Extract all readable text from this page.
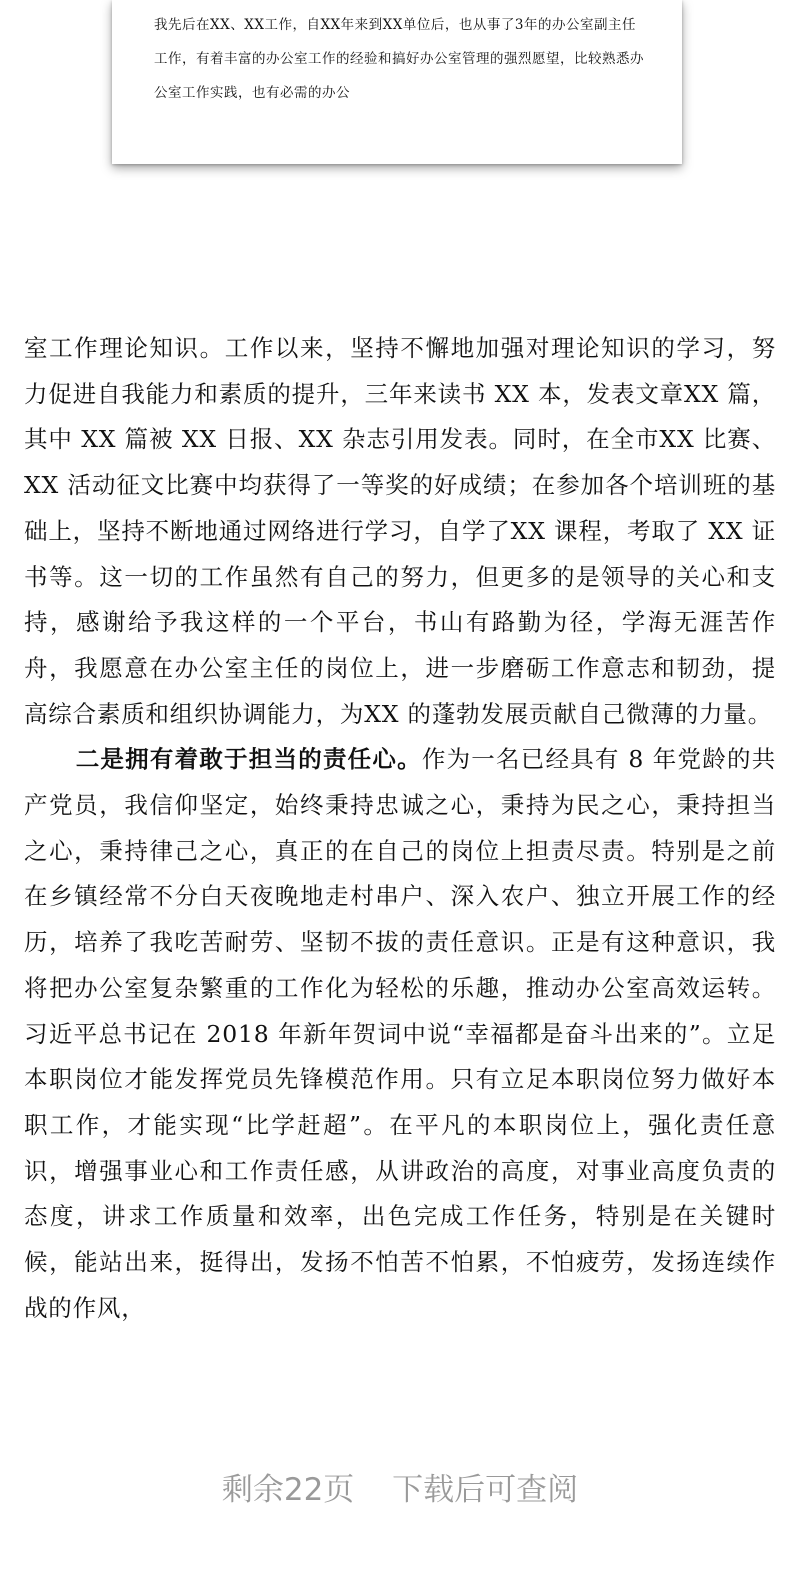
我先后在XX、XX工作，自XX年来到XX单位后，也从事了3年的办公室副主任工作，有着丰富的办公室工作的经验和搞好办公室管理的强烈愿望，比较熟悉办公室工作实践，也有必需的办公

室工作理论知识。工作以来，坚持不懈地加强对理论知识的学习，努力促进自我能力和素质的提升，三年来读书 XX 本，发表文章XX 篇，其中 XX 篇被 XX 日报、XX 杂志引用发表。同时，在全市XX 比赛、XX 活动征文比赛中均获得了一等奖的好成绩；在参加各个培训班的基础上，坚持不断地通过网络进行学习，自学了XX 课程，考取了 XX 证书等。这一切的工作虽然有自己的努力，但更多的是领导的关心和支持，感谢给予我这样的一个平台，书山有路勤为径，学海无涯苦作舟，我愿意在办公室主任的岗位上，进一步磨砺工作意志和韧劲，提高综合素质和组织协调能力，为XX 的蓬勃发展贡献自己微薄的力量。

二是拥有着敢于担当的责任心。作为一名已经具有 8 年党龄的共产党员，我信仰坚定，始终秉持忠诚之心，秉持为民之心，秉持担当之心，秉持律己之心，真正的在自己的岗位上担责尽责。特别是之前在乡镇经常不分白天夜晚地走村串户、深入农户、独立开展工作的经历，培养了我吃苦耐劳、坚韧不拔的责任意识。正是有这种意识，我将把办公室复杂繁重的工作化为轻松的乐趣，推动办公室高效运转。习近平总书记在 2018 年新年贺词中说“幸福都是奋斗出来的”。立足本职岗位才能发挥党员先锋模范作用。只有立足本职岗位努力做好本职工作，才能实现“比学赶超”。在平凡的本职岗位上，强化责任意识，增强事业心和工作责任感，从讲政治的高度，对事业高度负责的态度，讲求工作质量和效率，出色完成工作任务，特别是在关键时候，能站出来，挺得出，发扬不怕苦不怕累，不怕疲劳，发扬连续作战的作风，

剩余22页 下载后可查阅
